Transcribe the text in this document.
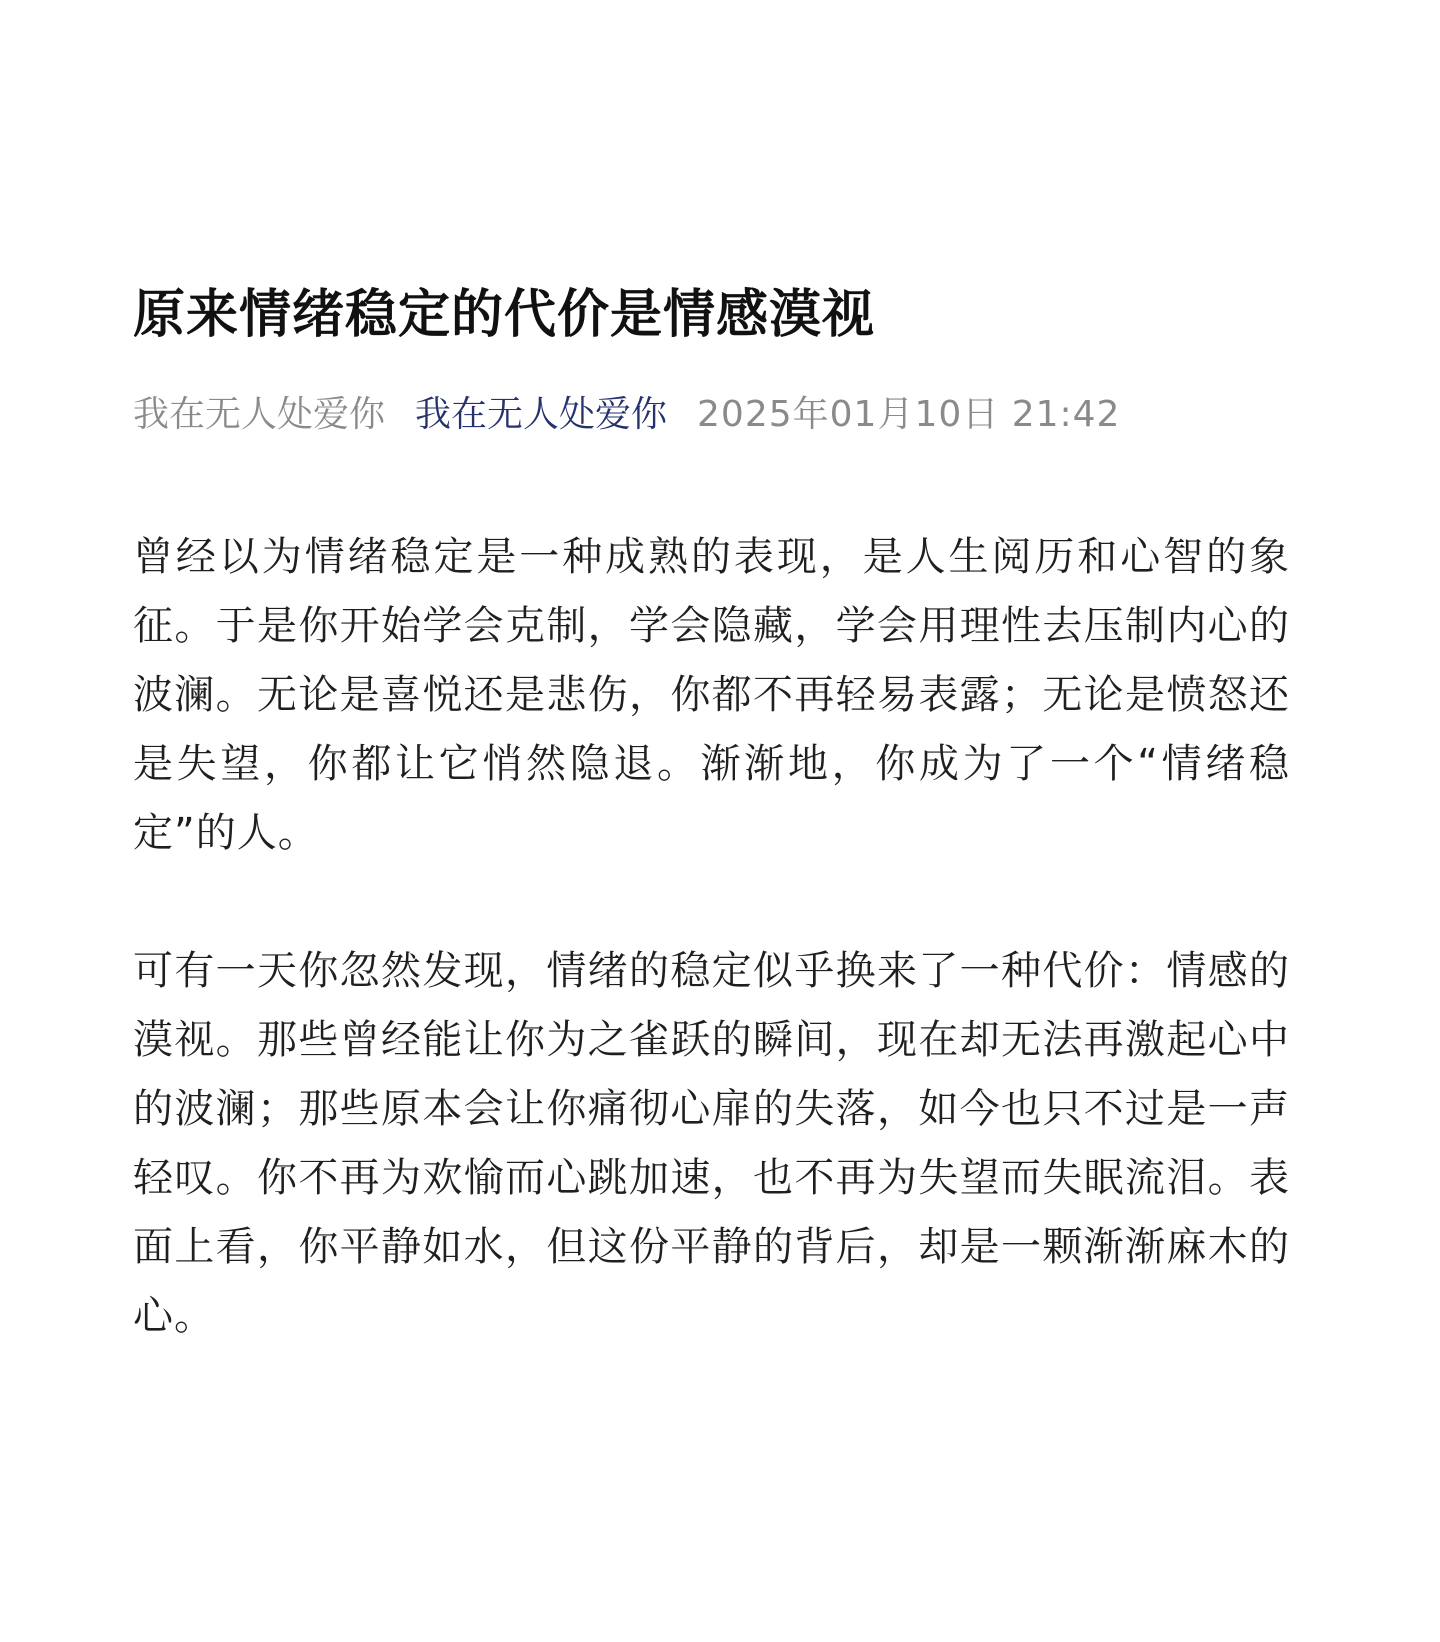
原来情绪稳定的代价是情感漠视
我在无人处爱你 我在无人处爱你 2025年01月10日 21:42

曾经以为情绪稳定是一种成熟的表现，是人生阅历和心智的象征。于是你开始学会克制，学会隐藏，学会用理性去压制内心的波澜。无论是喜悦还是悲伤，你都不再轻易表露；无论是愤怒还是失望，你都让它悄然隐退。渐渐地，你成为了一个“情绪稳定”的人。

可有一天你忽然发现，情绪的稳定似乎换来了一种代价：情感的漠视。那些曾经能让你为之雀跃的瞬间，现在却无法再激起心中的波澜；那些原本会让你痛彻心扉的失落，如今也只不过是一声轻叹。你不再为欢愉而心跳加速，也不再为失望而失眠流泪。表面上看，你平静如水，但这份平静的背后，却是一颗渐渐麻木的心。
